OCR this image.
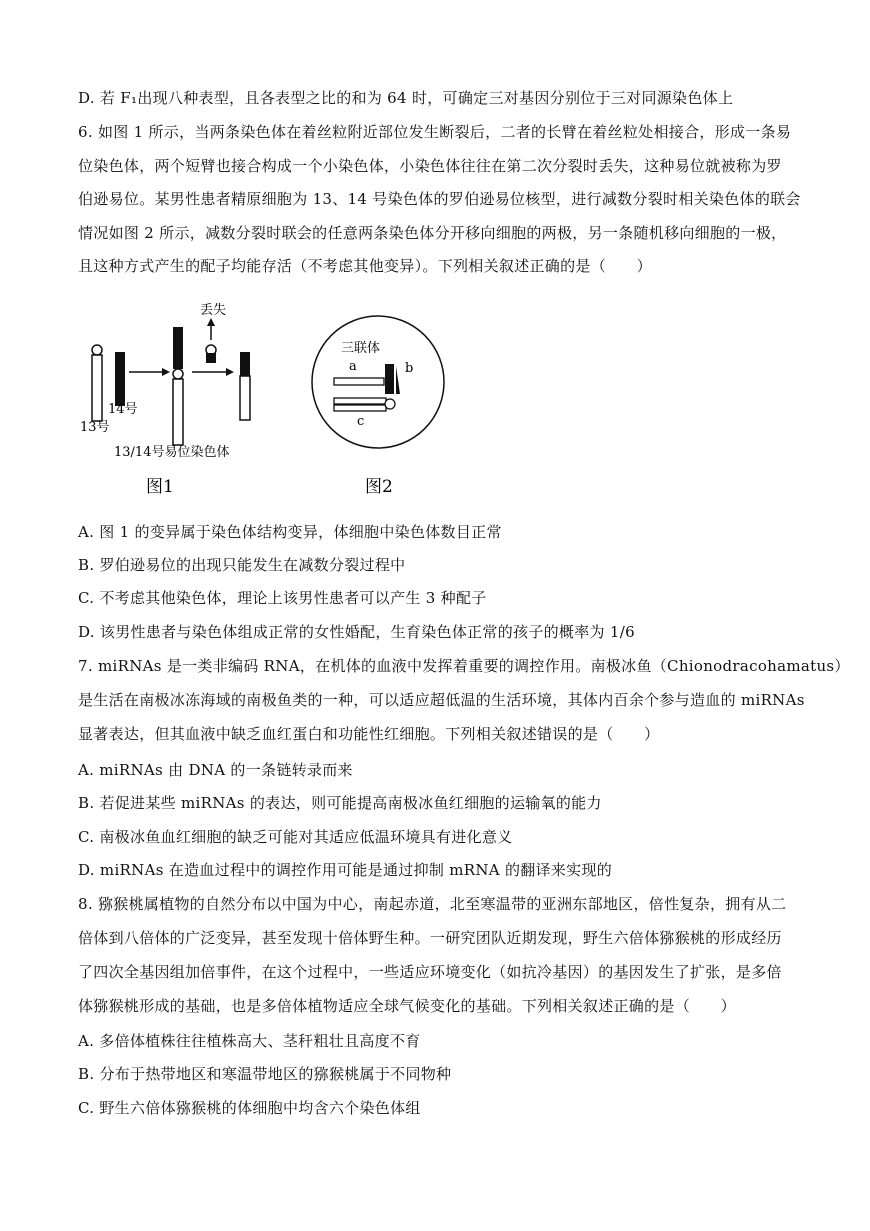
D. 若 F₁出现八种表型，且各表型之比的和为 64 时，可确定三对基因分别位于三对同源染色体上
6. 如图 1 所示，当两条染色体在着丝粒附近部位发生断裂后，二者的长臂在着丝粒处相接合，形成一条易
位染色体，两个短臂也接合构成一个小染色体，小染色体往往在第二次分裂时丢失，这种易位就被称为罗
伯逊易位。某男性患者精原细胞为 13、14 号染色体的罗伯逊易位核型，进行减数分裂时相关染色体的联会
情况如图 2 所示，减数分裂时联会的任意两条染色体分开移向细胞的两极，另一条随机移向细胞的一极，
且这种方式产生的配子均能存活（不考虑其他变异）。下列相关叙述正确的是（　　）
13号
14号
丢失
13/14号易位染色体
图1
三联体
a	b
c
图2
A. 图 1 的变异属于染色体结构变异，体细胞中染色体数目正常
B. 罗伯逊易位的出现只能发生在减数分裂过程中
C. 不考虑其他染色体，理论上该男性患者可以产生 3 种配子
D. 该男性患者与染色体组成正常的女性婚配，生育染色体正常的孩子的概率为 1/6
7. miRNAs 是一类非编码 RNA，在机体的血液中发挥着重要的调控作用。南极冰鱼（Chionodracohamatus）
是生活在南极冰冻海域的南极鱼类的一种，可以适应超低温的生活环境，其体内百余个参与造血的 miRNAs
显著表达，但其血液中缺乏血红蛋白和功能性红细胞。下列相关叙述错误的是（　　）
A. miRNAs 由 DNA 的一条链转录而来
B. 若促进某些 miRNAs 的表达，则可能提高南极冰鱼红细胞的运输氧的能力
C. 南极冰鱼血红细胞的缺乏可能对其适应低温环境具有进化意义
D. miRNAs 在造血过程中的调控作用可能是通过抑制 mRNA 的翻译来实现的
8. 猕猴桃属植物的自然分布以中国为中心，南起赤道，北至寒温带的亚洲东部地区，倍性复杂，拥有从二
倍体到八倍体的广泛变异，甚至发现十倍体野生种。一研究团队近期发现，野生六倍体猕猴桃的形成经历
了四次全基因组加倍事件，在这个过程中，一些适应环境变化（如抗冷基因）的基因发生了扩张，是多倍
体猕猴桃形成的基础，也是多倍体植物适应全球气候变化的基础。下列相关叙述正确的是（　　）
A. 多倍体植株往往植株高大、茎秆粗壮且高度不育
B. 分布于热带地区和寒温带地区的猕猴桃属于不同物种
C. 野生六倍体猕猴桃的体细胞中均含六个染色体组
